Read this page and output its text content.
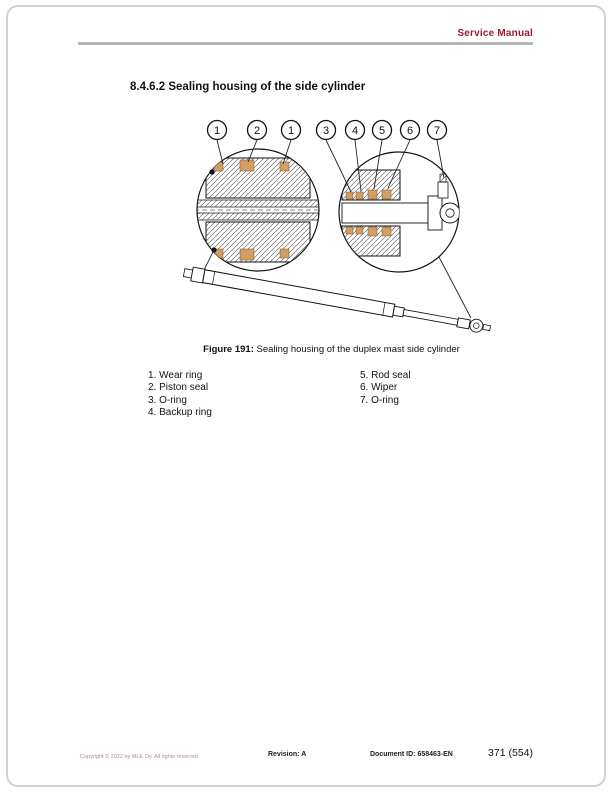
Service Manual
8.4.6.2 Sealing housing of the side cylinder
1	2	1	3 4 5 6 7
Figure 191: Sealing housing of the duplex mast side cylinder
1. Wear ring
2. Piston seal
3. O-ring
4. Backup ring
5. Rod seal
6. Wiper
7. O-ring
Copyright © 2022 by MLE Oy. All rights reserved.	Revision: A	Document ID: 658463-EN	371 (554)
